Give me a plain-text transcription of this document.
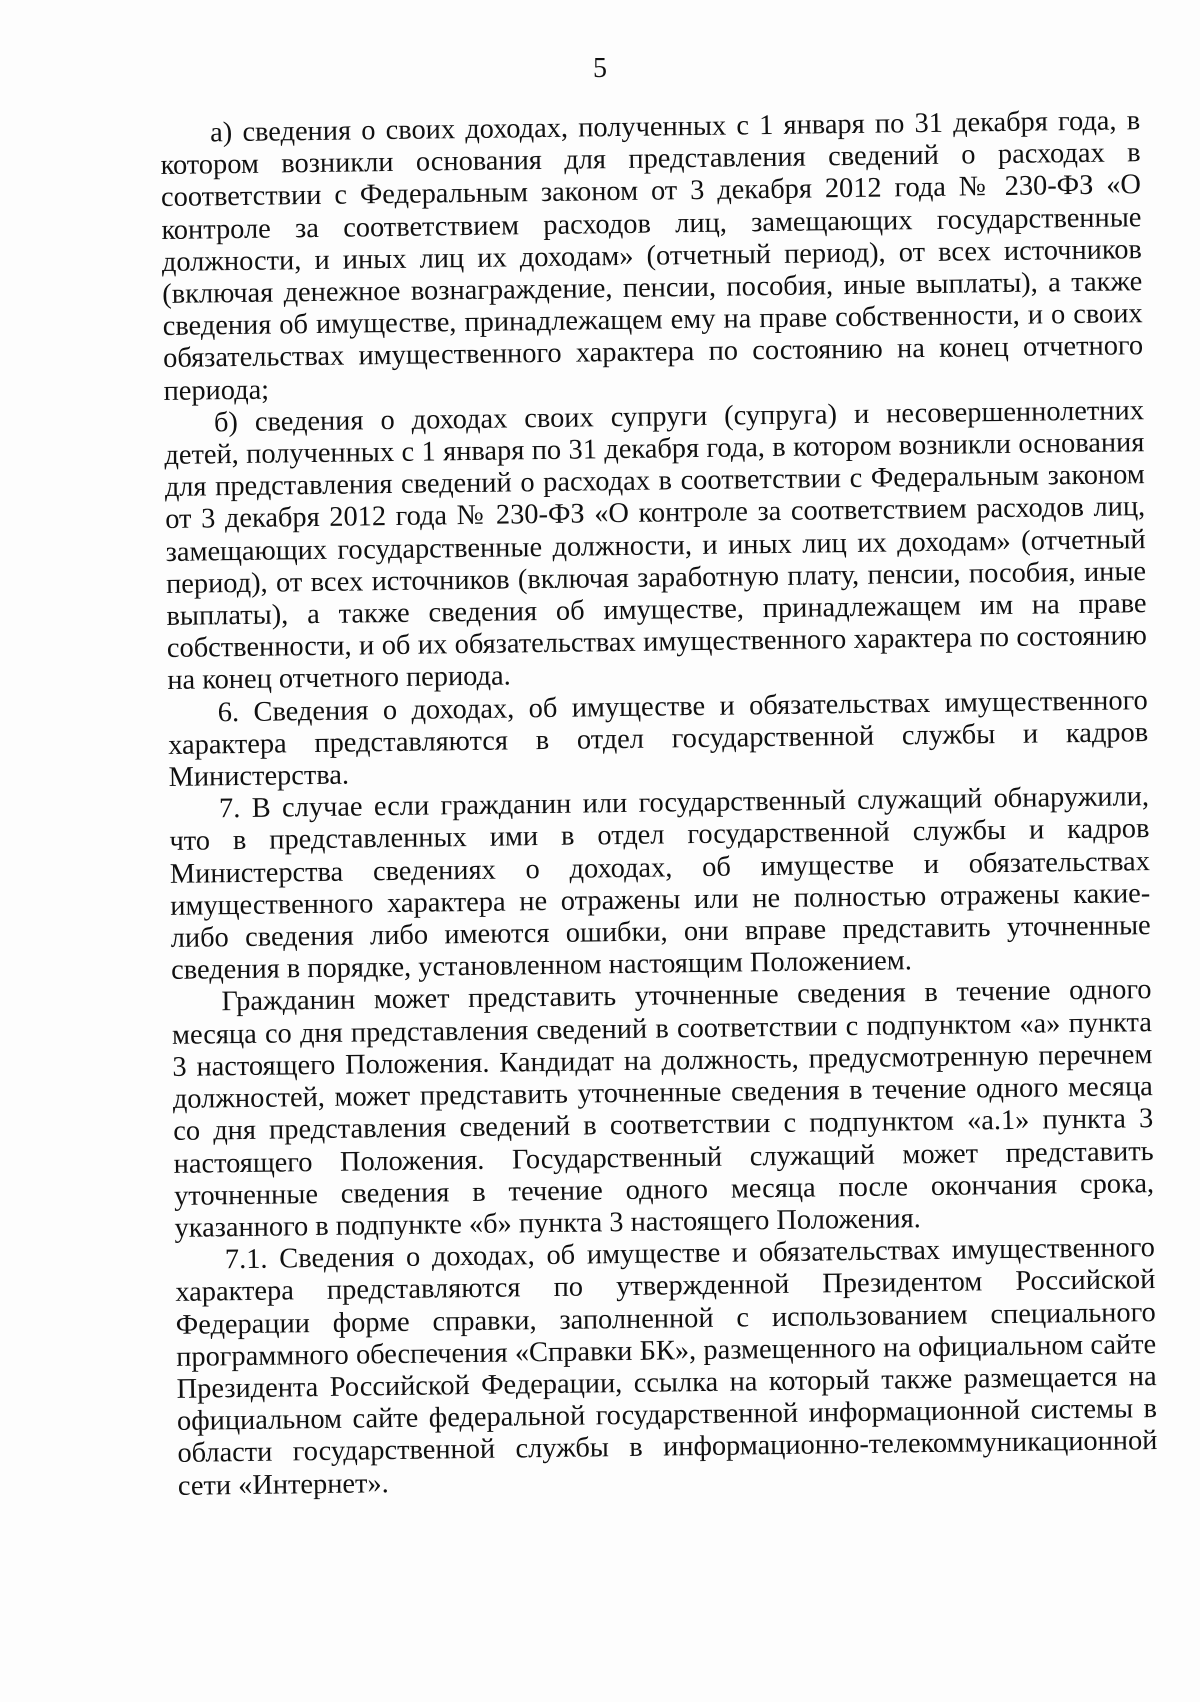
5

а) сведения о своих доходах, полученных с 1 января по 31 декабря года, в котором возникли основания для представления сведений о расходах в соответствии с Федеральным законом от 3 декабря 2012 года № 230-ФЗ «О контроле за соответствием расходов лиц, замещающих государственные должности, и иных лиц их доходам» (отчетный период), от всех источников (включая денежное вознаграждение, пенсии, пособия, иные выплаты), а также сведения об имуществе, принадлежащем ему на праве собственности, и о своих обязательствах имущественного характера по состоянию на конец отчетного периода;

б) сведения о доходах своих супруги (супруга) и несовершеннолетних детей, полученных с 1 января по 31 декабря года, в котором возникли основания для представления сведений о расходах в соответствии с Федеральным законом от 3 декабря 2012 года № 230-ФЗ «О контроле за соответствием расходов лиц, замещающих государственные должности, и иных лиц их доходам» (отчетный период), от всех источников (включая заработную плату, пенсии, пособия, иные выплаты), а также сведения об имуществе, принадлежащем им на праве собственности, и об их обязательствах имущественного характера по состоянию на конец отчетного периода.

6. Сведения о доходах, об имуществе и обязательствах имущественного характера представляются в отдел государственной службы и кадров Министерства.

7. В случае если гражданин или государственный служащий обнаружили, что в представленных ими в отдел государственной службы и кадров Министерства сведениях о доходах, об имуществе и обязательствах имущественного характера не отражены или не полностью отражены какие-либо сведения либо имеются ошибки, они вправе представить уточненные сведения в порядке, установленном настоящим Положением.

Гражданин может представить уточненные сведения в течение одного месяца со дня представления сведений в соответствии с подпунктом «а» пункта 3 настоящего Положения. Кандидат на должность, предусмотренную перечнем должностей, может представить уточненные сведения в течение одного месяца со дня представления сведений в соответствии с подпунктом «а.1» пункта 3 настоящего Положения. Государственный служащий может представить уточненные сведения в течение одного месяца после окончания срока, указанного в подпункте «б» пункта 3 настоящего Положения.

7.1. Сведения о доходах, об имуществе и обязательствах имущественного характера представляются по утвержденной Президентом Российской Федерации форме справки, заполненной с использованием специального программного обеспечения «Справки БК», размещенного на официальном сайте Президента Российской Федерации, ссылка на который также размещается на официальном сайте федеральной государственной информационной системы в области государственной службы в информационно-телекоммуникационной сети «Интернет».
